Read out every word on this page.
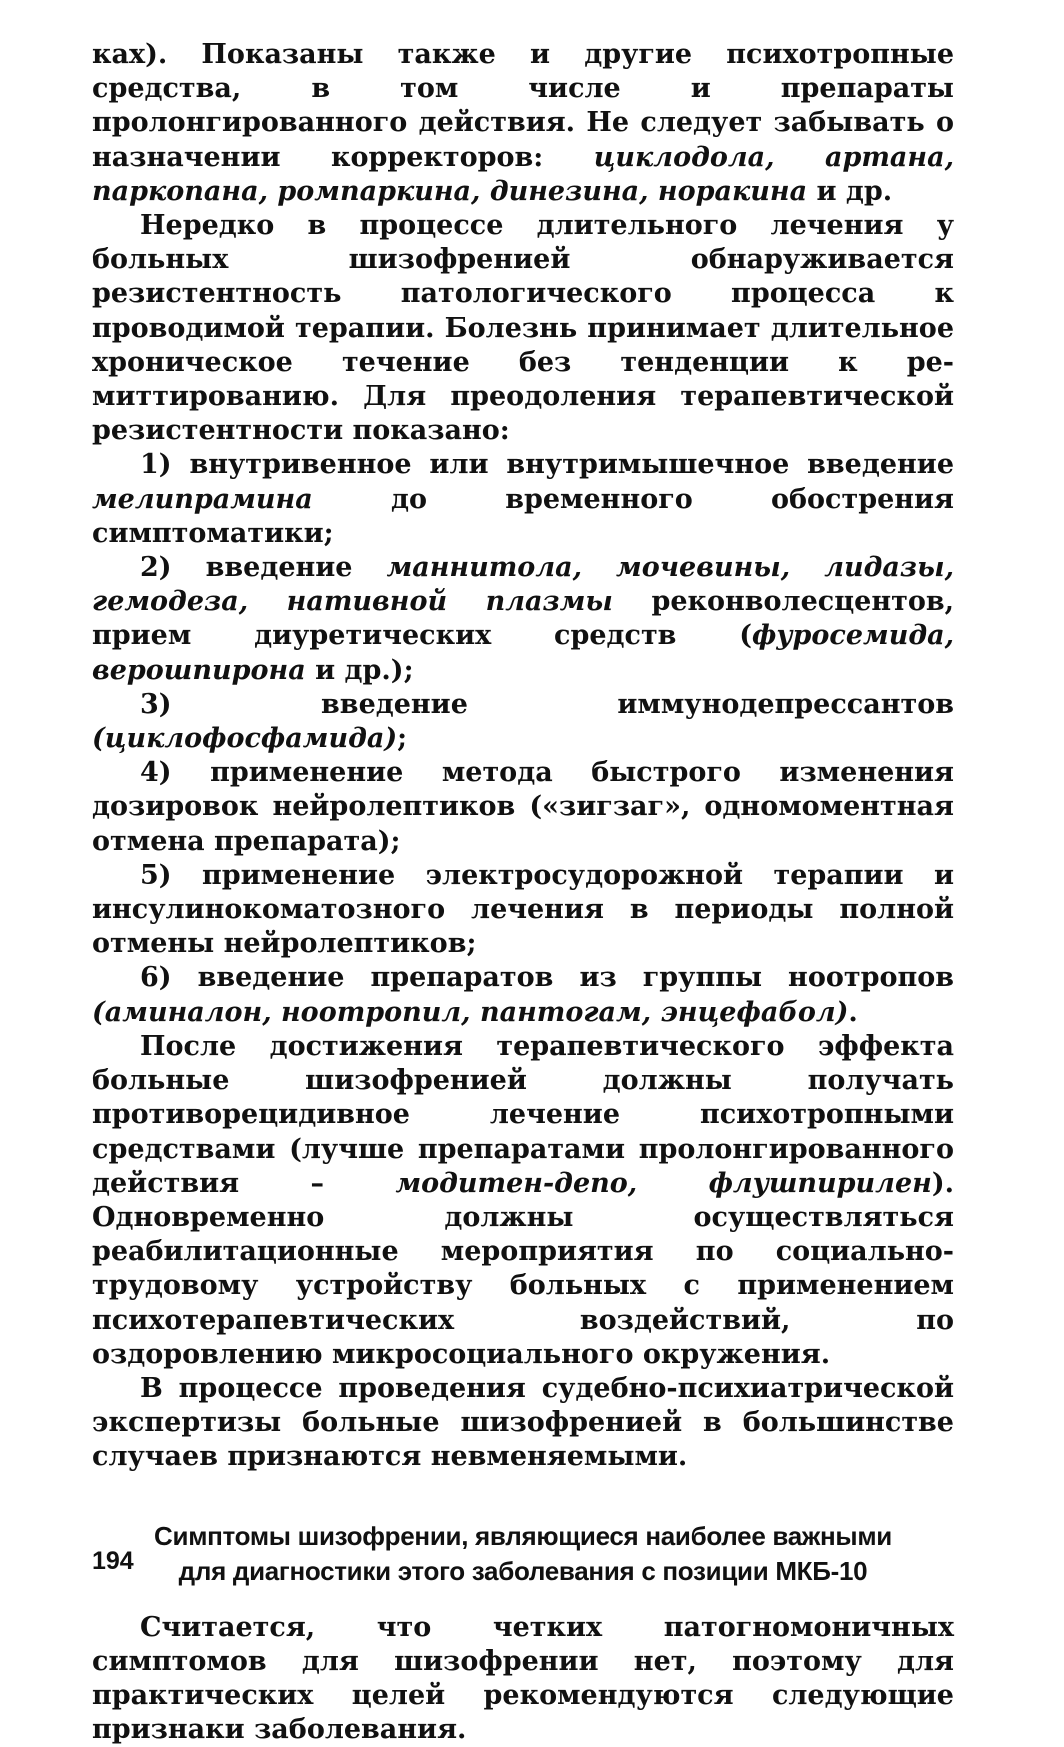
ках). Показаны также и другие психотропные средства, в том числе и препараты пролонгированного действия. Не следует забывать о назначении корректоров: циклодола, артана, паркопана, ромпаркина, динезина, норакина и др.

Нередко в процессе длительного лечения у больных шизофренией обнаруживается резистентность патологического процесса к проводимой терапии. Болезнь принимает длительное хроническое течение без тенденции к ремиттированию. Для преодоления терапевтической резистентности показано:

1) внутривенное или внутримышечное введение мелипрамина до временного обострения симптоматики;

2) введение маннитола, мочевины, лидазы, гемодеза, нативной плазмы реконволесцентов, прием диуретических средств (фуросемида, верошпирона и др.);

3) введение иммунодепрессантов (циклофосфамида);

4) применение метода быстрого изменения дозировок нейролептиков («зигзаг», одномоментная отмена препарата);

5) применение электросудорожной терапии и инсулинокоматозного лечения в периоды полной отмены нейролептиков;

6) введение препаратов из группы ноотропов (аминалон, ноотропил, пантогам, энцефабол).

После достижения терапевтического эффекта больные шизофренией должны получать противорецидивное лечение психотропными средствами (лучше препаратами пролонгированного действия – модитен-депо, флушпирилен). Одновременно должны осуществляться реабилитационные мероприятия по социально-трудовому устройству больных с применением психотерапевтических воздействий, по оздоровлению микросоциального окружения.

В процессе проведения судебно-психиатрической экспертизы больные шизофренией в большинстве случаев признаются невменяемыми.

Симптомы шизофрении, являющиеся наиболее важными
для диагностики этого заболевания с позиции МКБ-10

Считается, что четких патогномоничных симптомов для шизофрении нет, поэтому для практических целей рекомендуются следующие признаки заболевания.

194
